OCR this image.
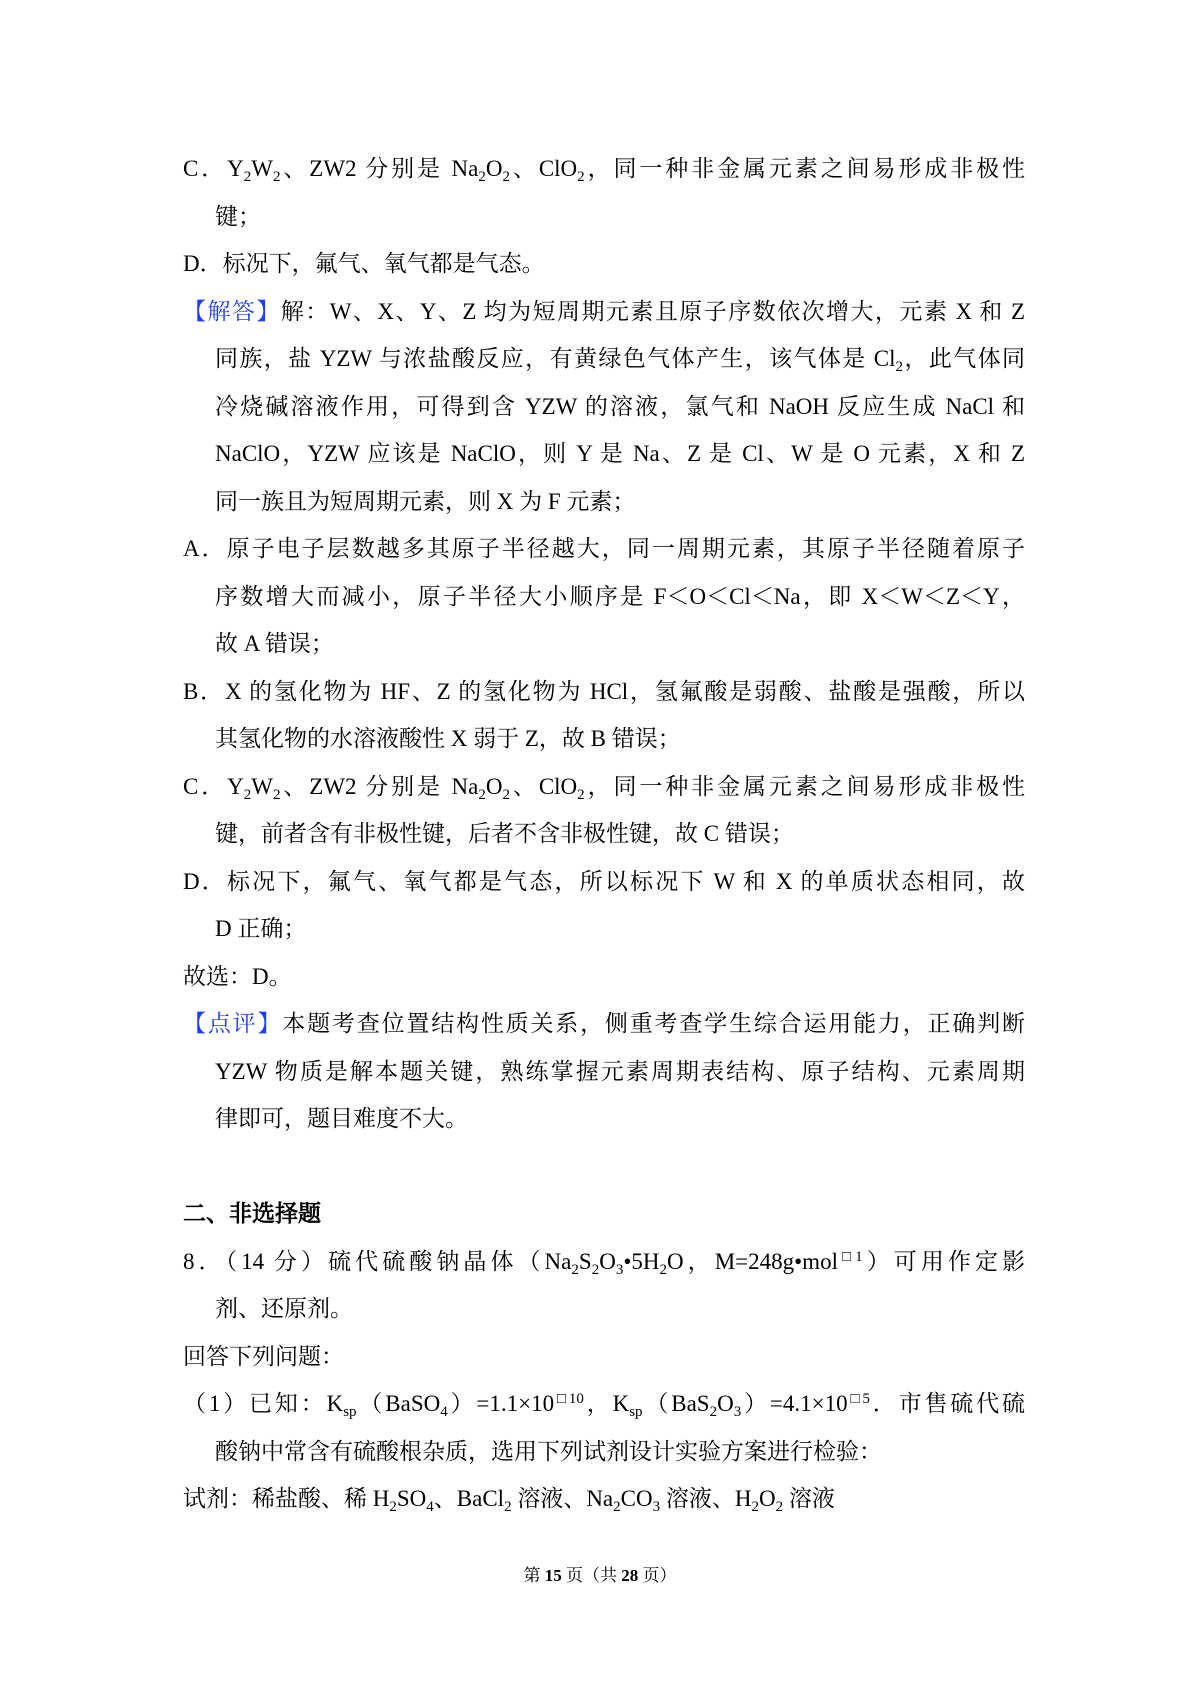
C．$Y_2W_2$、ZW2 分别是 $Na_2O_2$、ClO$_2$，同一种非金属元素之间易形成非极性
键；
D．标况下，氟气、氧气都是气态。
【解答】解：W、X、Y、Z 均为短周期元素且原子序数依次增大，元素 X 和 Z
同族，盐 YZW 与浓盐酸反应，有黄绿色气体产生，该气体是 $Cl_2$，此气体同
冷烧碱溶液作用，可得到含 YZW 的溶液，氯气和 NaOH 反应生成 NaCl 和
NaClO，YZW 应该是 NaClO，则 Y 是 Na、Z 是 Cl、W 是 O 元素，X 和 Z
同一族且为短周期元素，则 X 为 F 元素；
A．原子电子层数越多其原子半径越大，同一周期元素，其原子半径随着原子
序数增大而减小，原子半径大小顺序是 F＜O＜Cl＜Na，即 X＜W＜Z＜Y，
故 A 错误；
B．X 的氢化物为 HF、Z 的氢化物为 HCl，氢氟酸是弱酸、盐酸是强酸，所以
其氢化物的水溶液酸性 X 弱于 Z，故 B 错误；
C．$Y_2W_2$、ZW2 分别是 $Na_2O_2$、ClO$_2$，同一种非金属元素之间易形成非极性
键，前者含有非极性键，后者不含非极性键，故 C 错误；
D．标况下，氟气、氧气都是气态，所以标况下 W 和 X 的单质状态相同，故
D 正确；
故选：D。
【点评】本题考查位置结构性质关系，侧重考查学生综合运用能力，正确判断
YZW 物质是解本题关键，熟练掌握元素周期表结构、原子结构、元素周期
律即可，题目难度不大。
二、非选择题
8．（14 分）硫代硫酸钠晶体（$Na_2S_2O_3•5H_2O$，M=248g•mol$^{□1}$）可用作定影
剂、还原剂。
回答下列问题：
（1）已知：$K_{sp}(BaSO_4)=1.1\times 10^{□10}$，$K_{sp}(BaS_2O_3)=4.1\times 10^{□5}$．市售硫代硫
酸钠中常含有硫酸根杂质，选用下列试剂设计实验方案进行检验：
试剂：稀盐酸、稀 $H_2SO_4$、BaCl$_2$ 溶液、$Na_2CO_3$ 溶液、$H_2O_2$ 溶液
第 15 页（共 28 页）
